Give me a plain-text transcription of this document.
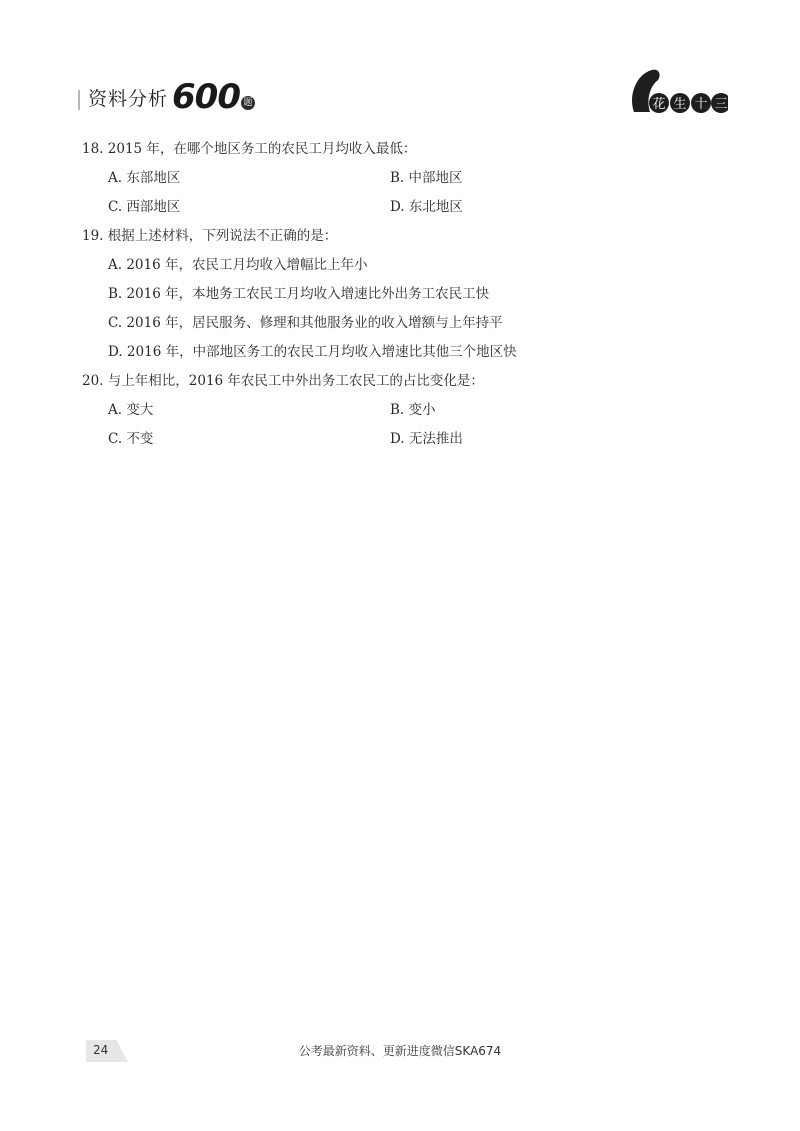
资料分析 600 题	花 生 十 三
18. 2015 年，在哪个地区务工的农民工月均收入最低：
A. 东部地区	B. 中部地区
C. 西部地区	D. 东北地区
19. 根据上述材料，下列说法不正确的是：
A. 2016 年，农民工月均收入增幅比上年小
B. 2016 年，本地务工农民工月均收入增速比外出务工农民工快
C. 2016 年，居民服务、修理和其他服务业的收入增额与上年持平
D. 2016 年，中部地区务工的农民工月均收入增速比其他三个地区快
20. 与上年相比，2016 年农民工中外出务工农民工的占比变化是：
A. 变大	B. 变小
C. 不变	D. 无法推出
24	公考最新资料、更新进度微信SKA674
